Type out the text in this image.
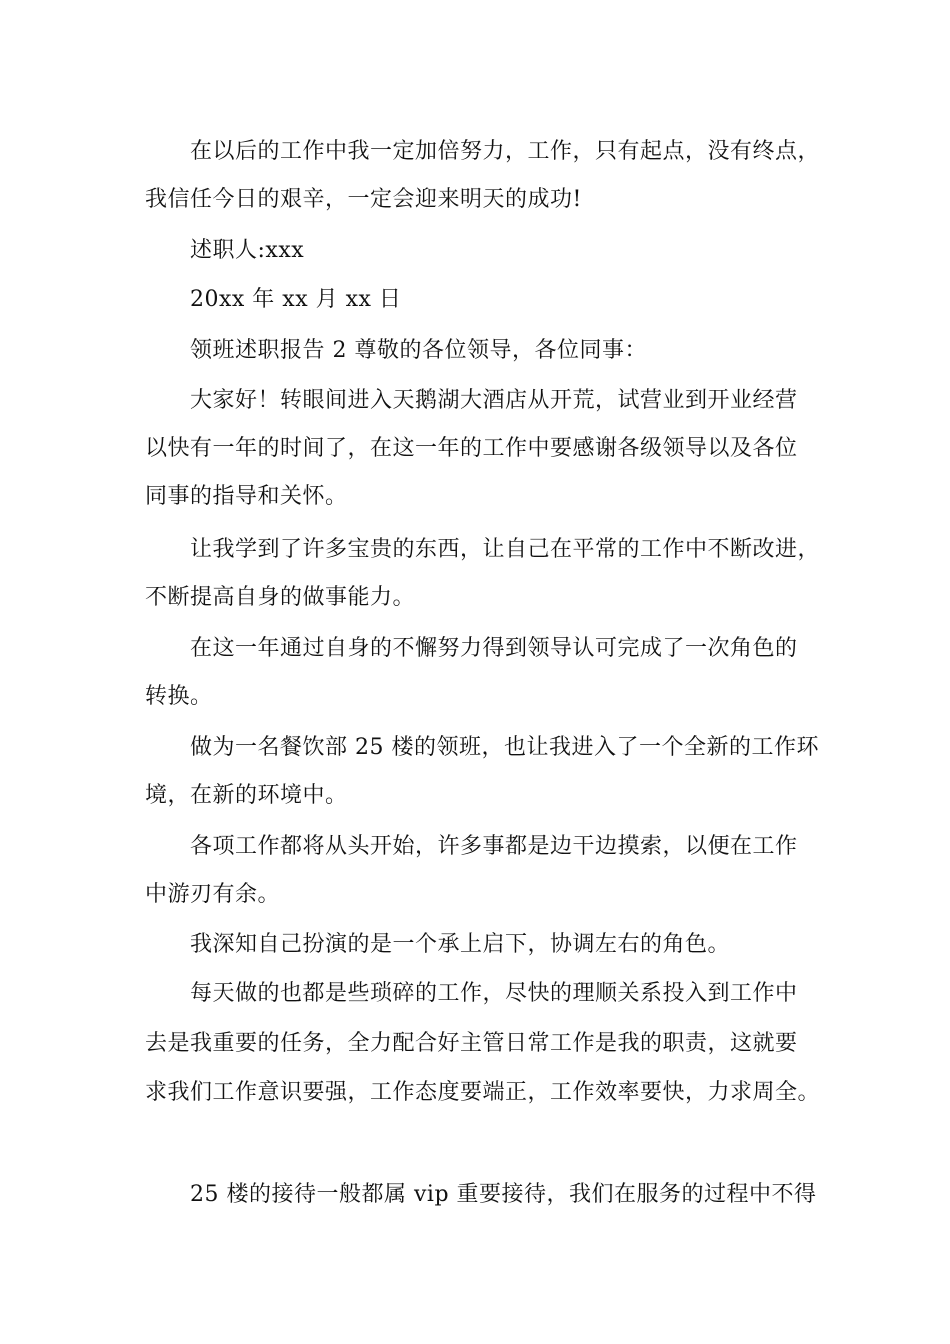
在以后的工作中我一定加倍努力，工作，只有起点，没有终点，
我信任今日的艰辛，一定会迎来明天的成功!
述职人:xxx
20xx 年 xx 月 xx 日
领班述职报告 2 尊敬的各位领导，各位同事：
大家好！转眼间进入天鹅湖大酒店从开荒，试营业到开业经营
以快有一年的时间了，在这一年的工作中要感谢各级领导以及各位
同事的指导和关怀。
让我学到了许多宝贵的东西，让自己在平常的工作中不断改进，
不断提高自身的做事能力。
在这一年通过自身的不懈努力得到领导认可完成了一次角色的
转换。
做为一名餐饮部 25 楼的领班，也让我进入了一个全新的工作环
境，在新的环境中。
各项工作都将从头开始，许多事都是边干边摸索，以便在工作
中游刃有余。
我深知自己扮演的是一个承上启下，协调左右的角色。
每天做的也都是些琐碎的工作，尽快的理顺关系投入到工作中
去是我重要的任务，全力配合好主管日常工作是我的职责，这就要
求我们工作意识要强，工作态度要端正，工作效率要快，力求周全。
25 楼的接待一般都属 vip 重要接待，我们在服务的过程中不得
